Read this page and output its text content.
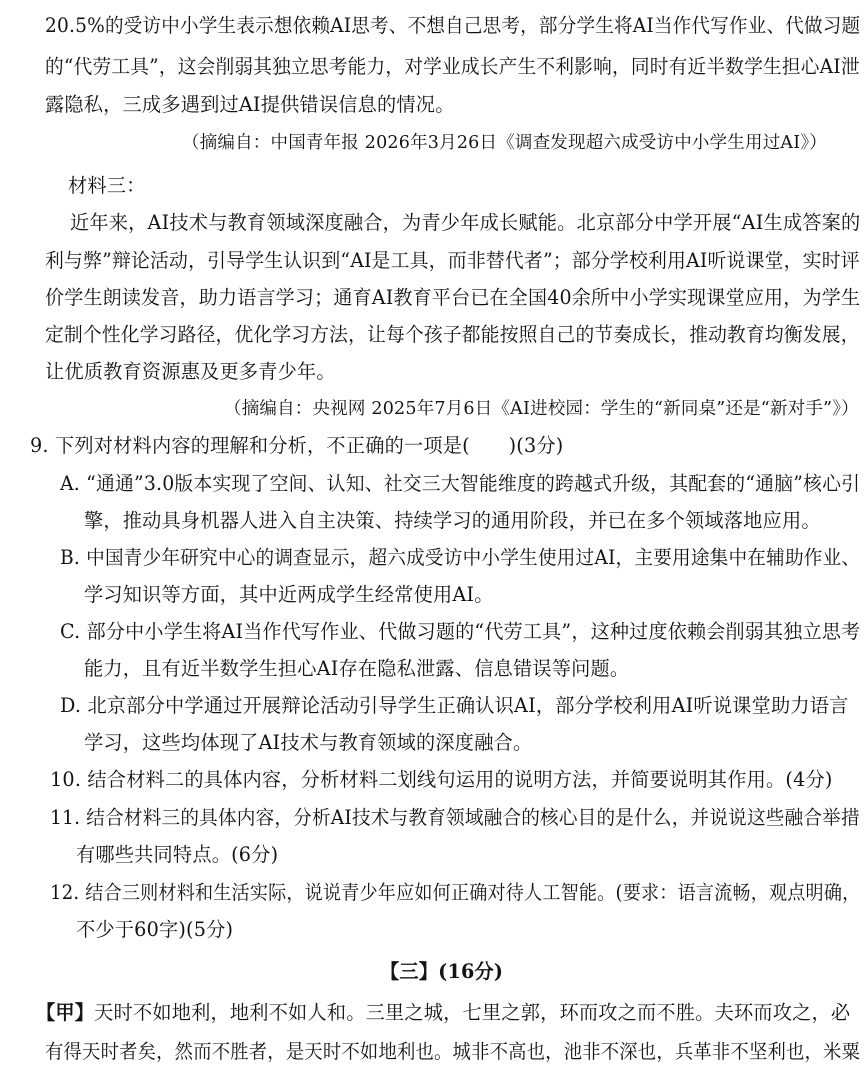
20.5%的受访中小学生表示想依赖AI思考、不想自己思考，部分学生将AI当作代写作业、代做习题
的“代劳工具”，这会削弱其独立思考能力，对学业成长产生不利影响，同时有近半数学生担心AI泄
露隐私，三成多遇到过AI提供错误信息的情况。
（摘编自：中国青年报 2026年3月26日《调查发现超六成受访中小学生用过AI》）
材料三：
近年来，AI技术与教育领域深度融合，为青少年成长赋能。北京部分中学开展“AI生成答案的
利与弊”辩论活动，引导学生认识到“AI是工具，而非替代者”；部分学校利用AI听说课堂，实时评
价学生朗读发音，助力语言学习；通育AI教育平台已在全国40余所中小学实现课堂应用，为学生
定制个性化学习路径，优化学习方法，让每个孩子都能按照自己的节奏成长，推动教育均衡发展，
让优质教育资源惠及更多青少年。
（摘编自：央视网 2025年7月6日《AI进校园：学生的“新同桌”还是“新对手”》）
9. 下列对材料内容的理解和分析，不正确的一项是(　　)(3分)
A. “通通”3.0版本实现了空间、认知、社交三大智能维度的跨越式升级，其配套的“通脑”核心引
擎，推动具身机器人进入自主决策、持续学习的通用阶段，并已在多个领域落地应用。
B. 中国青少年研究中心的调查显示，超六成受访中小学生使用过AI，主要用途集中在辅助作业、
学习知识等方面，其中近两成学生经常使用AI。
C. 部分中小学生将AI当作代写作业、代做习题的“代劳工具”，这种过度依赖会削弱其独立思考
能力，且有近半数学生担心AI存在隐私泄露、信息错误等问题。
D. 北京部分中学通过开展辩论活动引导学生正确认识AI，部分学校利用AI听说课堂助力语言
学习，这些均体现了AI技术与教育领域的深度融合。
10. 结合材料二的具体内容，分析材料二划线句运用的说明方法，并简要说明其作用。(4分)
11. 结合材料三的具体内容，分析AI技术与教育领域融合的核心目的是什么，并说说这些融合举措
有哪些共同特点。(6分)
12. 结合三则材料和生活实际，说说青少年应如何正确对待人工智能。(要求：语言流畅，观点明确，
不少于60字)(5分)
【三】(16分)
【甲】天时不如地利，地利不如人和。三里之城，七里之郭，环而攻之而不胜。夫环而攻之，必
有得天时者矣，然而不胜者，是天时不如地利也。城非不高也，池非不深也，兵革非不坚利也，米粟
